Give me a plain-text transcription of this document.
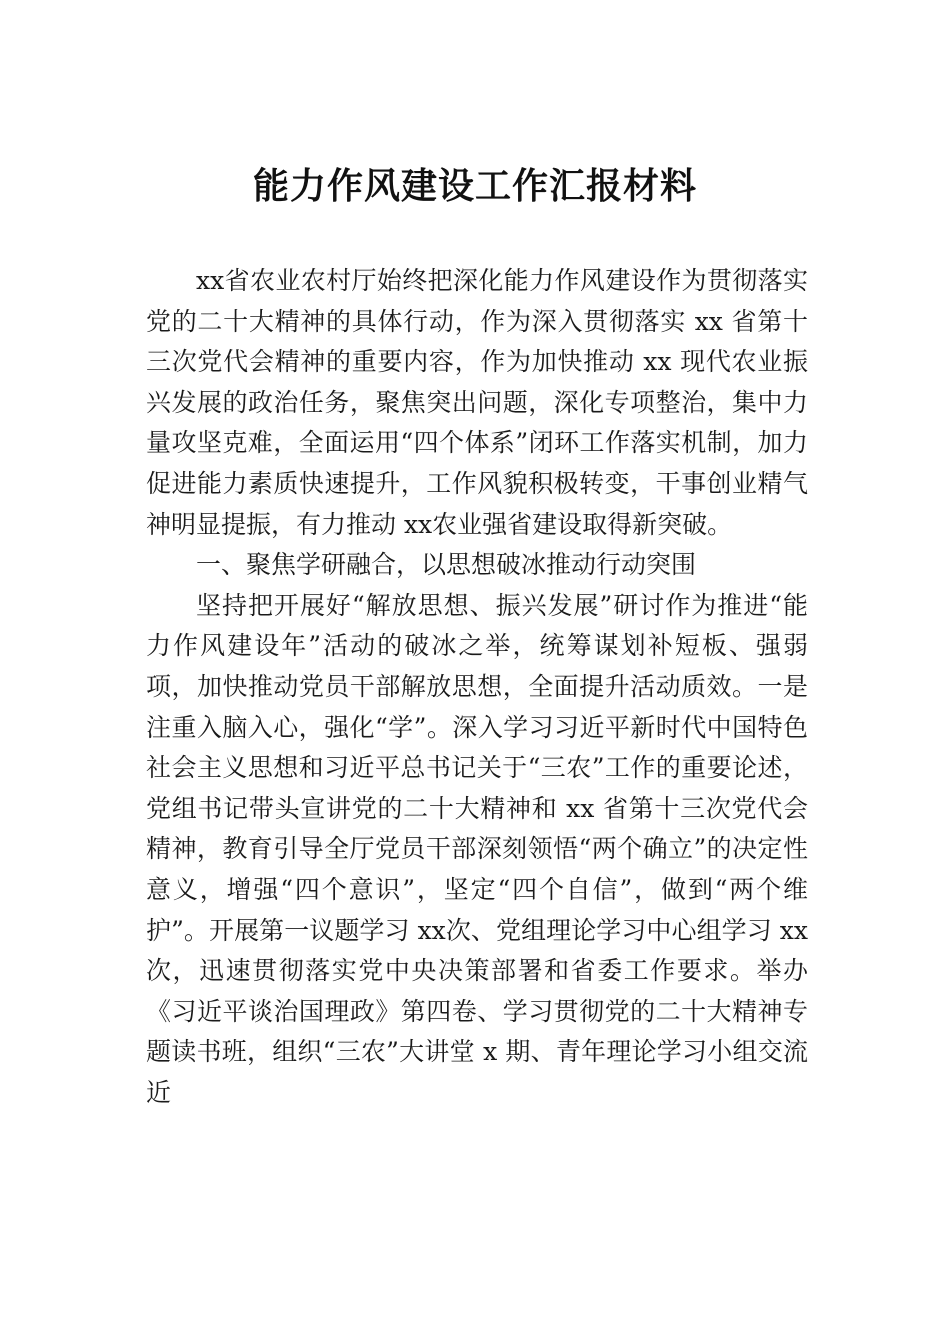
能力作风建设工作汇报材料

xx省农业农村厅始终把深化能力作风建设作为贯彻落实党的二十大精神的具体行动，作为深入贯彻落实 xx 省第十三次党代会精神的重要内容，作为加快推动 xx 现代农业振兴发展的政治任务，聚焦突出问题，深化专项整治，集中力量攻坚克难，全面运用“四个体系”闭环工作落实机制，加力促进能力素质快速提升，工作风貌积极转变，干事创业精气神明显提振，有力推动 xx农业强省建设取得新突破。

一、聚焦学研融合，以思想破冰推动行动突围

坚持把开展好“解放思想、振兴发展”研讨作为推进“能力作风建设年”活动的破冰之举，统筹谋划补短板、强弱项，加快推动党员干部解放思想，全面提升活动质效。一是注重入脑入心，强化“学”。深入学习习近平新时代中国特色社会主义思想和习近平总书记关于“三农”工作的重要论述，党组书记带头宣讲党的二十大精神和 xx 省第十三次党代会精神，教育引导全厅党员干部深刻领悟“两个确立”的决定性意义，增强“四个意识”，坚定“四个自信”，做到“两个维护”。开展第一议题学习 xx次、党组理论学习中心组学习 xx次，迅速贯彻落实党中央决策部署和省委工作要求。举办《习近平谈治国理政》第四卷、学习贯彻党的二十大精神专题读书班，组织“三农”大讲堂 x 期、青年理论学习小组交流近
